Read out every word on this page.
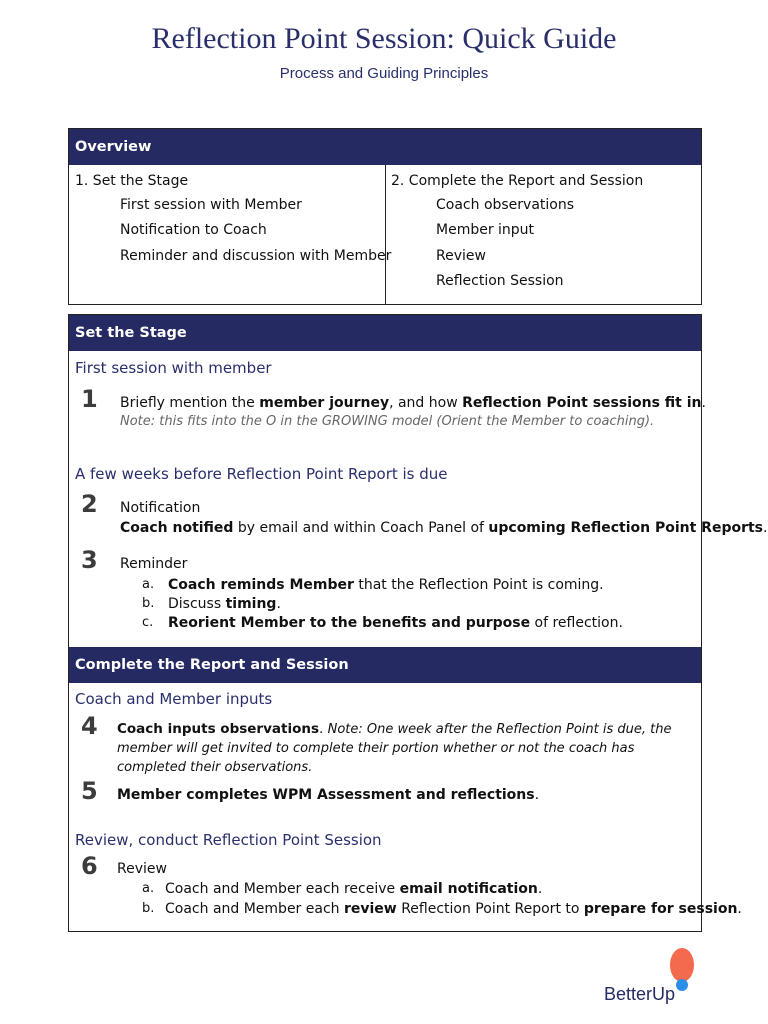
Reflection Point Session: Quick Guide
Process and Guiding Principles
Overview
1. Set the Stage
First session with Member
Notification to Coach
Reminder and discussion with Member
2. Complete the Report and Session
Coach observations
Member input
Review
Reflection Session
Set the Stage
First session with member
1 Briefly mention the member journey, and how Reflection Point sessions fit in.
Note: this fits into the O in the GROWING model (Orient the Member to coaching).
A few weeks before Reflection Point Report is due
2 Notification
Coach notified by email and within Coach Panel of upcoming Reflection Point Reports.
3 Reminder
a. Coach reminds Member that the Reflection Point is coming.
b. Discuss timing.
c.	Reorient Member to the benefits and purpose of reflection.
Complete the Report and Session
Coach and Member inputs
4 Coach inputs observations. Note: One week after the Reflection Point is due, the member will get invited to complete their portion whether or not the coach has completed their observations.
5 Member completes WPM Assessment and reflections.
Review, conduct Reflection Point Session
6 Review
a. Coach and Member each receive email notification.
b. Coach and Member each review Reflection Point Report to prepare for session.
BetterUp
